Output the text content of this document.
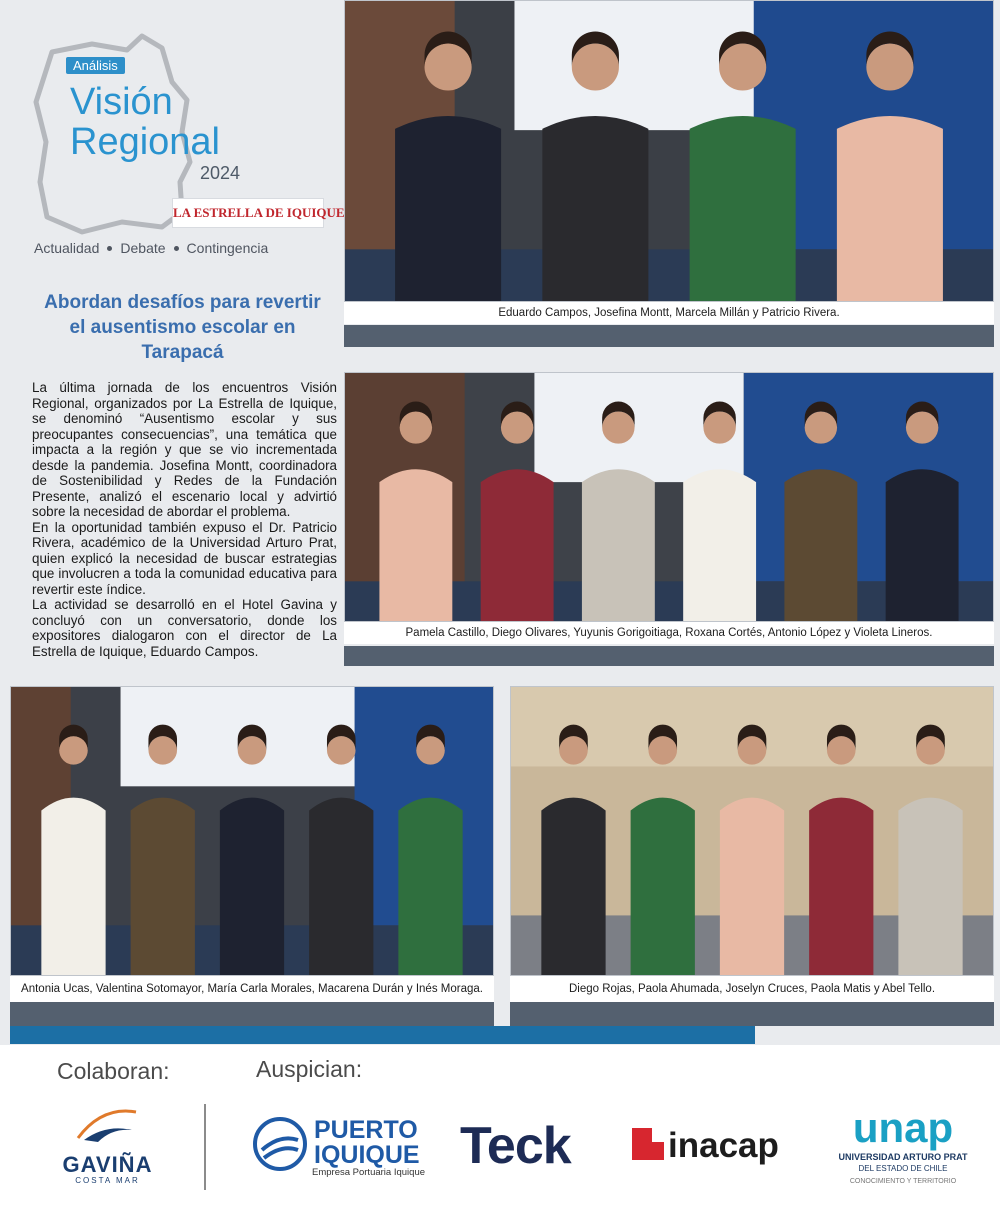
Análisis
Visión
Regional
2024
LA ESTRELLA DE IQUIQUE
Actualidad Debate Contingencia
Abordan desafíos para revertir el ausentismo escolar en Tarapacá

La última jornada de los encuentros Visión Regional, organizados por La Estrella de Iquique, se denominó “Ausentismo escolar y sus preocupantes consecuencias”, una temática que impacta a la región y que se vio incrementada desde la pandemia. Josefina Montt, coordinadora de Sostenibilidad y Redes de la Fundación Presente, analizó el escenario local y advirtió sobre la necesidad de abordar el problema.

En la oportunidad también expuso el Dr. Patricio Rivera, académico de la Universidad Arturo Prat, quien explicó la necesidad de buscar estrategias que involucren a toda la comunidad educativa para revertir este índice.

La actividad se desarrolló en el Hotel Gavina y concluyó con un conversatorio, donde los expositores dialogaron con el director de La Estrella de Iquique, Eduardo Campos.

Eduardo Campos, Josefina Montt, Marcela Millán y Patricio Rivera.
Pamela Castillo, Diego Olivares, Yuyunis Gorigoitiaga, Roxana Cortés, Antonio López y Violeta Lineros.
Antonia Ucas, Valentina Sotomayor, María Carla Morales, Macarena Durán y Inés Moraga.	Diego Rojas, Paola Ahumada, Joselyn Cruces, Paola Matis y Abel Tello.
Colaboran:	Auspician:
GAVIÑA
COSTA MAR
PUERTO IQUIQUE
Empresa Portuaria Iquique Teck	inacap	unap
UNIVERSIDAD ARTURO PRAT
DEL ESTADO DE CHILE
CONOCIMIENTO Y TERRITORIO
